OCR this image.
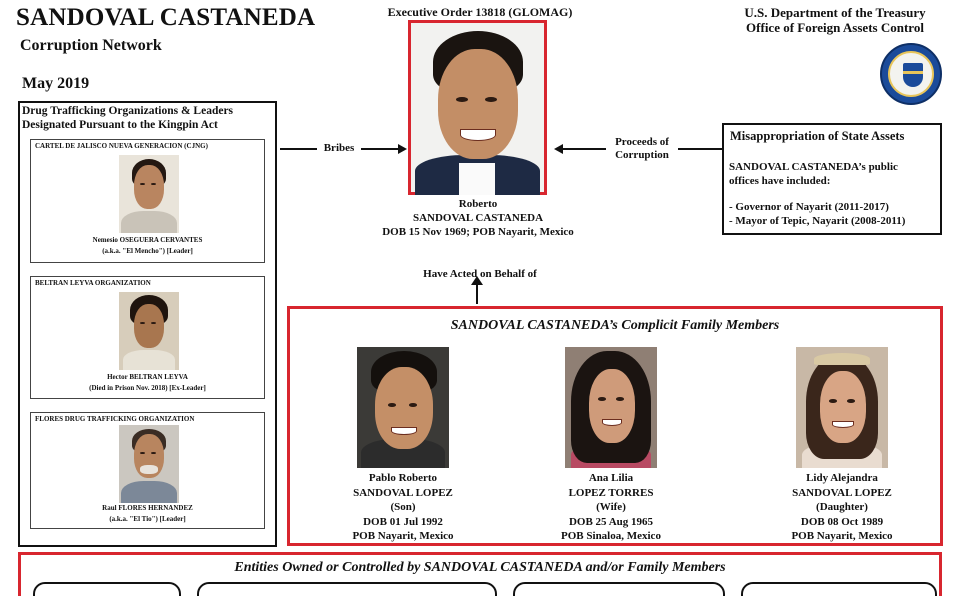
SANDOVAL CASTANEDA
Corruption Network
May 2019
Executive Order 13818 (GLOMAG)	U.S. Department of the Treasury
Office of Foreign Assets Control
Drug Trafficking Organizations & Leaders
Designated Pursuant to the Kingpin Act
CARTEL DE JALISCO NUEVA GENERACION (CJNG)
Nemesio OSEGUERA CERVANTES
(a.k.a. "El Mencho") [Leader]
BELTRAN LEYVA ORGANIZATION
Hector BELTRAN LEYVA
(Died in Prison Nov. 2018) [Ex-Leader]
FLORES DRUG TRAFFICKING ORGANIZATION
Raul FLORES HERNANDEZ
(a.k.a. "El Tio") [Leader]
Bribes	Proceeds of
Corruption
Roberto
SANDOVAL CASTANEDA
DOB 15 Nov 1969; POB Nayarit, Mexico
Have Acted on Behalf of
Misappropriation of State Assets
SANDOVAL CASTANEDA’s public
offices have included:
- Governor of Nayarit (2011-2017)
- Mayor of Tepic, Nayarit (2008-2011)
SANDOVAL CASTANEDA’s Complicit Family Members
Pablo Roberto
SANDOVAL LOPEZ
(Son)
DOB 01 Jul 1992
POB Nayarit, Mexico
Ana Lilia
LOPEZ TORRES
(Wife)
DOB 25 Aug 1965
POB Sinaloa, Mexico
Lidy Alejandra
SANDOVAL LOPEZ
(Daughter)
DOB 08 Oct 1989
POB Nayarit, Mexico
Entities Owned or Controlled by SANDOVAL CASTANEDA and/or Family Members
